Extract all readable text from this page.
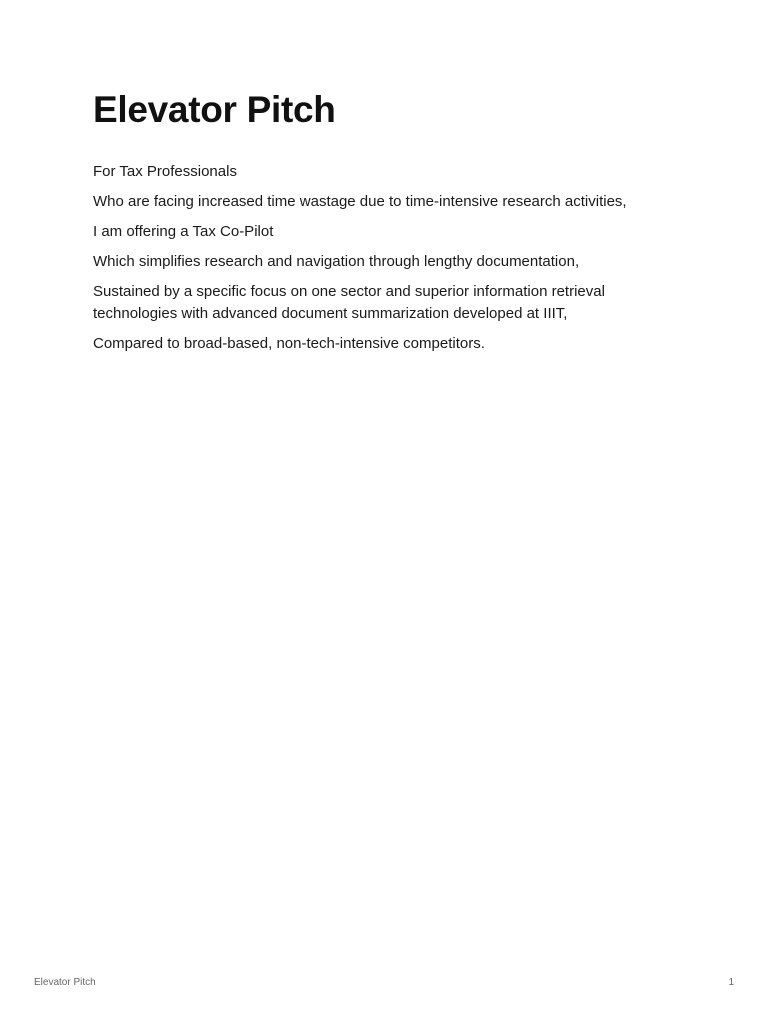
Elevator Pitch

For Tax Professionals

Who are facing increased time wastage due to time-intensive research activities,

I am offering a Tax Co-Pilot

Which simplifies research and navigation through lengthy documentation,

Sustained by a specific focus on one sector and superior information retrieval technologies with advanced document summarization developed at IIIT,

Compared to broad-based, non-tech-intensive competitors.

Elevator Pitch	1
